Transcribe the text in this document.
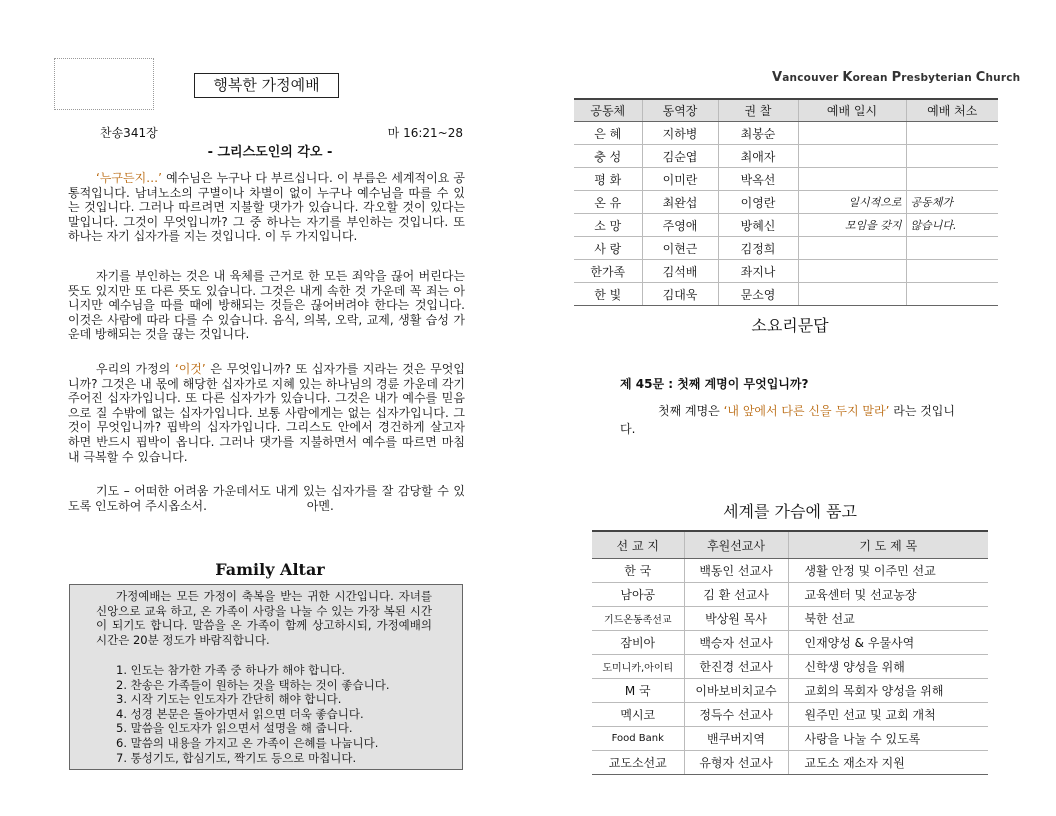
행복한 가정예배
찬송341장	마 16:21~28
- 그리스도인의 각오 -
‘누구든지…’ 예수님은 누구나 다 부르십니다. 이 부름은 세계적이요 공통적입니다. 남녀노소의 구별이나 차별이 없이 누구나 예수님을 따를 수 있는 것입니다. 그러나 따르려면 지불할 댓가가 있습니다. 각오할 것이 있다는 말입니다. 그것이 무엇입니까? 그 중 하나는 자기를 부인하는 것입니다. 또 하나는 자기 십자가를 지는 것입니다. 이 두 가지입니다.
자기를 부인하는 것은 내 육체를 근거로 한 모든 죄악을 끊어 버린다는 뜻도 있지만 또 다른 뜻도 있습니다. 그것은 내게 속한 것 가운데 꼭 죄는 아니지만 예수님을 따를 때에 방해되는 것들은 끊어버려야 한다는 것입니다. 이것은 사람에 따라 다를 수 있습니다. 음식, 의복, 오락, 교제, 생활 습성 가운데 방해되는 것을 끊는 것입니다.
우리의 가정의 ‘이것’ 은 무엇입니까? 또 십자가를 지라는 것은 무엇입니까? 그것은 내 몫에 해당한 십자가로 지혜 있는 하나님의 경륜 가운데 각기 주어진 십자가입니다. 또 다른 십자가가 있습니다. 그것은 내가 예수를 믿음으로 질 수밖에 없는 십자가입니다. 보통 사람에게는 없는 십자가입니다. 그것이 무엇입니까? 핍박의 십자가입니다. 그리스도 안에서 경건하게 살고자 하면 반드시 핍박이 옵니다. 그러나 댓가를 지불하면서 예수를 따르면 마침내 극복할 수 있습니다.
기도 – 어떠한 어려움 가운데서도 내게 있는 십자가를 잘 감당할 수 있도록 인도하여 주시옵소서.	아멘.
Family Altar
가정예배는 모든 가정이 축복을 받는 귀한 시간입니다. 자녀를 신앙으로 교육 하고, 온 가족이 사랑을 나눌 수 있는 가장 복된 시간이 되기도 합니다. 말씀을 온 가족이 함께 상고하시되, 가정예배의 시간은 20분 정도가 바람직합니다.
1. 인도는 참가한 가족 중 하나가 해야 합니다.
2. 찬송은 가족들이 원하는 것을 택하는 것이 좋습니다.
3. 시작 기도는 인도자가 간단히 해야 합니다.
4. 성경 본문은 돌아가면서 읽으면 더욱 좋습니다.
5. 말씀을 인도자가 읽으면서 설명을 해 줍니다.
6. 말씀의 내용을 가지고 온 가족이 은혜를 나눕니다.
7. 통성기도, 합심기도, 짝기도 등으로 마칩니다.
Vancouver Korean Presbyterian Church
공동체	동역장	권 찰	예배 일시	예배 처소
은 혜	지하병	최봉순		
충 성	김순엽	최애자		
평 화	이미란	박옥선		
온 유	최완섭	이영란	일시적으로	공동체가
소 망	주영애	방혜신	모임을 갖지	않습니다.
사 랑	이현근	김정희		
한가족	김석배	좌지나		
한 빛	김대욱	문소영		
소요리문답
제 45문 : 첫째 계명이 무엇입니까?
첫째 계명은 ‘내 앞에서 다른 신을 두지 말라’ 라는 것입니다.
세계를 가슴에 품고
선 교 지	후원선교사	기 도 제 목
한 국	백동인 선교사	생활 안정 및 이주민 선교
남아공	김 환 선교사	교육센터 및 선교농장
기드온동족선교	박상원 목사	북한 선교
잠비아	백승자 선교사	인재양성 & 우물사역
도미니카,아이티	한진경 선교사	신학생 양성을 위해
M 국	이바보비치교수	교회의 목회자 양성을 위해
멕시코	정득수 선교사	원주민 선교 및 교회 개척
Food Bank	밴쿠버지역	사랑을 나눌 수 있도록
교도소선교	유형자 선교사	교도소 재소자 지원
